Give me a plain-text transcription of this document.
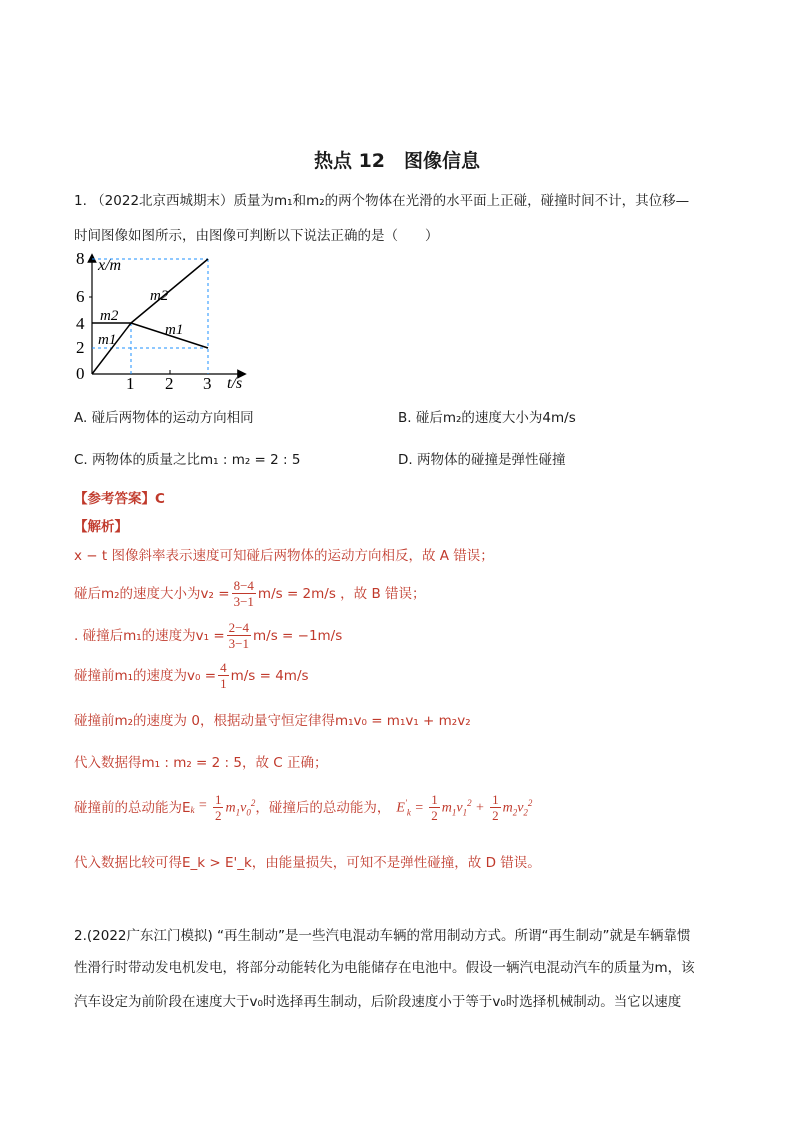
热点 12　图像信息
1. （2022北京西城期末）质量为m₁和m₂的两个物体在光滑的水平面上正碰，碰撞时间不计，其位移—
时间图像如图所示，由图像可判断以下说法正确的是（　　）
x/m
t/s
8
6
4
2
0
1 2 3
m2
m1
m2
m1
A. 碰后两物体的运动方向相同	B. 碰后m₂的速度大小为4m/s
C. 两物体的质量之比m₁ : m₂ = 2 : 5	D. 两物体的碰撞是弹性碰撞
【参考答案】C
【解析】
x − t 图像斜率表示速度可知碰后两物体的运动方向相反，故 A 错误；
碰后m₂的速度大小为$v_2 = \frac{8-4}{3-1} m/s = 2m/s$ ，故 B 错误；
. 碰撞后m₁的速度为$v_1 = \frac{2-4}{3-1} m/s = -1m/s$
碰撞前m₁的速度为$v_0 = \frac{4}{1} m/s = 4m/s$
碰撞前m₂的速度为 0，根据动量守恒定律得m₁v₀ = m₁v₁ + m₂v₂
代入数据得m₁ : m₂ = 2 : 5，故 C 正确；
碰撞前的总动能为E $_k = \frac{1}{2} m_1v_0^2$ ，碰撞后的总动能为， $E'_k = \frac{1}{2} m_1v_1^2 + \frac{1}{2} m_2v_2^2$
代入数据比较可得E_k > E'_k，由能量损失，可知不是弹性碰撞，故 D 错误。
2.(2022广东江门模拟) “再生制动”是一些汽电混动车辆的常用制动方式。所谓“再生制动”就是车辆靠惯
性滑行时带动发电机发电，将部分动能转化为电能储存在电池中。假设一辆汽电混动汽车的质量为m，该
汽车设定为前阶段在速度大于v₀时选择再生制动，后阶段速度小于等于v₀时选择机械制动。当它以速度
